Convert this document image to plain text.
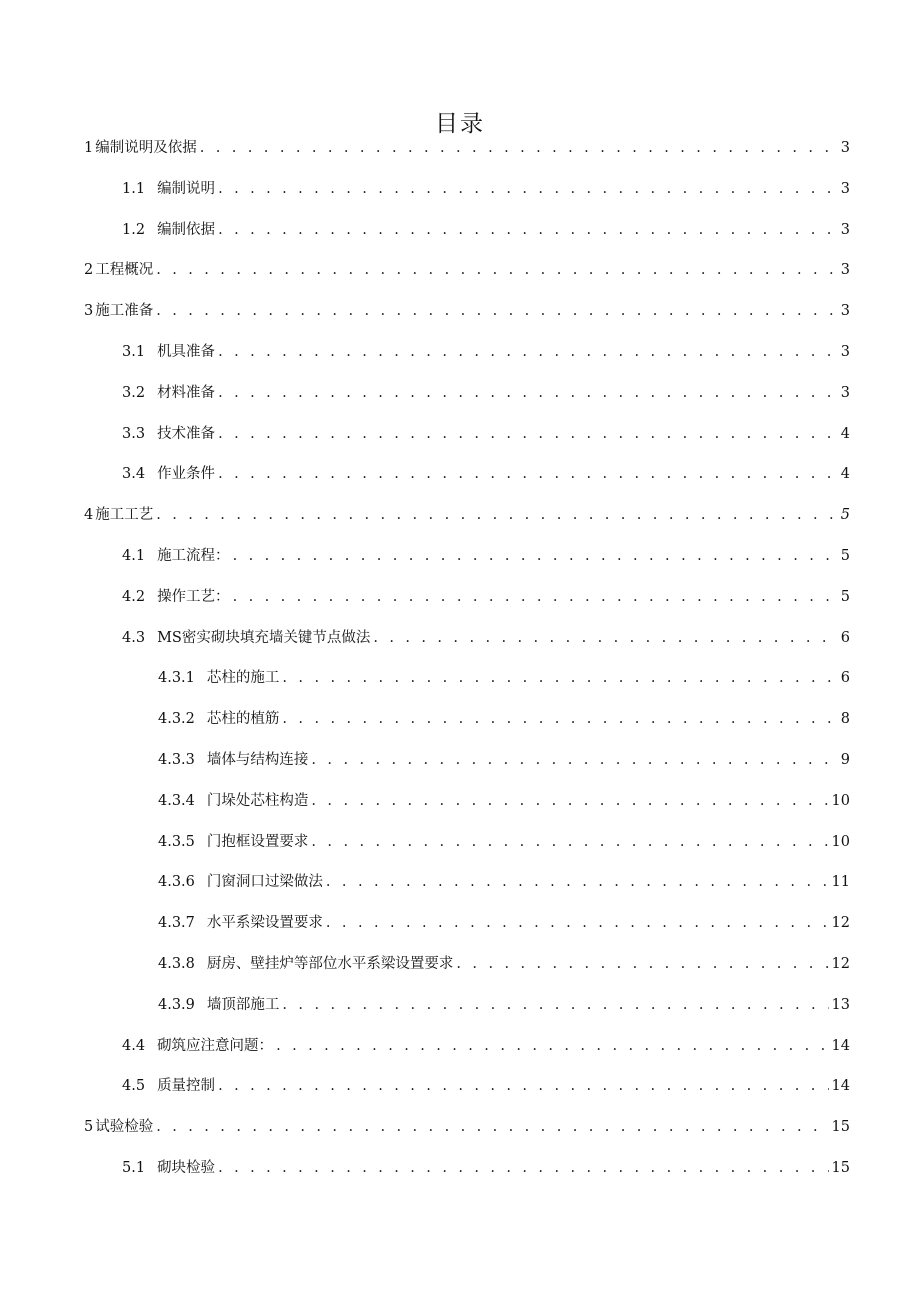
目录
1 编制说明及依据 . . .	3
1.1 编制说明 . . .	3
1.2 编制依据 . . .	3
2 工程概况 . . .	3
3 施工准备 . . .	3
3.1 机具准备 . . .	3
3.2 材料准备 . . .	3
3.3 技术准备 . . .	4
3.4 作业条件 . . .	4
4 施工工艺 . . .	5
4.1 施工流程： . . .	5
4.2 操作工艺： . . .	5
4.3 MS密实砌块填充墙关键节点做法 . . .	6
4.3.1 芯柱的施工 . . .	6
4.3.2 芯柱的植筋 . . .	8
4.3.3 墙体与结构连接 . . .	9
4.3.4 门垛处芯柱构造 . . .	10
4.3.5 门抱框设置要求 . . .	10
4.3.6 门窗洞口过梁做法 . . .	11
4.3.7 水平系梁设置要求 . . .	12
4.3.8 厨房、壁挂炉等部位水平系梁设置要求 . . .	12
4.3.9 墙顶部施工 . . .	13
4.4 砌筑应注意问题： . . .	14
4.5 质量控制 . . .	14
5 试验检验 . . .	15
5.1 砌块检验 . . .	15
